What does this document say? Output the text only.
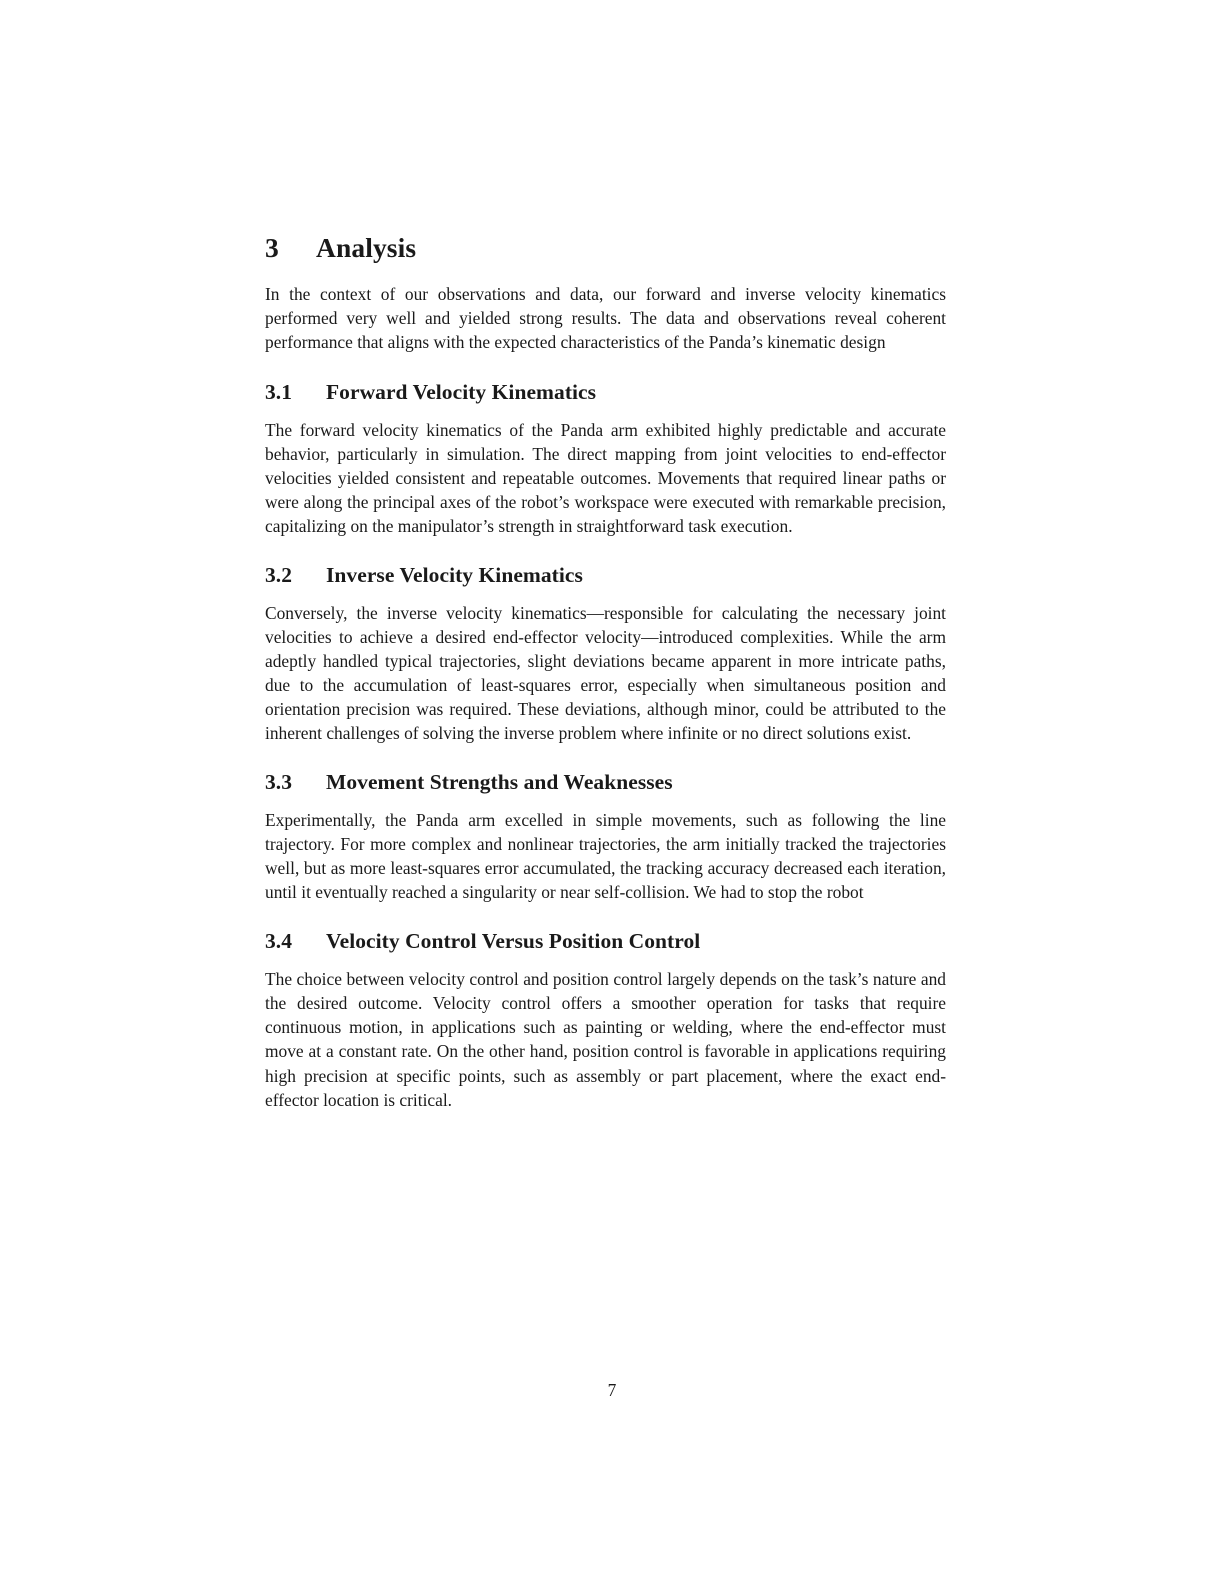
3	Analysis

In the context of our observations and data, our forward and inverse velocity kinematics performed very well and yielded strong results. The data and observations reveal coherent performance that aligns with the expected characteristics of the Panda’s kinematic design

3.1	Forward Velocity Kinematics

The forward velocity kinematics of the Panda arm exhibited highly predictable and accurate behavior, particularly in simulation. The direct mapping from joint velocities to end-effector velocities yielded consistent and repeatable outcomes. Movements that required linear paths or were along the principal axes of the robot’s workspace were executed with remarkable precision, capitalizing on the manipulator’s strength in straightforward task execution.

3.2	Inverse Velocity Kinematics

Conversely, the inverse velocity kinematics—responsible for calculating the necessary joint velocities to achieve a desired end-effector velocity—introduced complexities. While the arm adeptly handled typical trajectories, slight deviations became apparent in more intricate paths, due to the accumulation of least-squares error, especially when simultaneous position and orientation precision was required. These deviations, although minor, could be attributed to the inherent challenges of solving the inverse problem where infinite or no direct solutions exist.

3.3	Movement Strengths and Weaknesses

Experimentally, the Panda arm excelled in simple movements, such as following the line trajectory. For more complex and nonlinear trajectories, the arm initially tracked the trajectories well, but as more least-squares error accumulated, the tracking accuracy decreased each iteration, until it eventually reached a singularity or near self-collision. We had to stop the robot

3.4	Velocity Control Versus Position Control

The choice between velocity control and position control largely depends on the task’s nature and the desired outcome. Velocity control offers a smoother operation for tasks that require continuous motion, in applications such as painting or welding, where the end-effector must move at a constant rate. On the other hand, position control is favorable in applications requiring high precision at specific points, such as assembly or part placement, where the exact end-effector location is critical.

7
